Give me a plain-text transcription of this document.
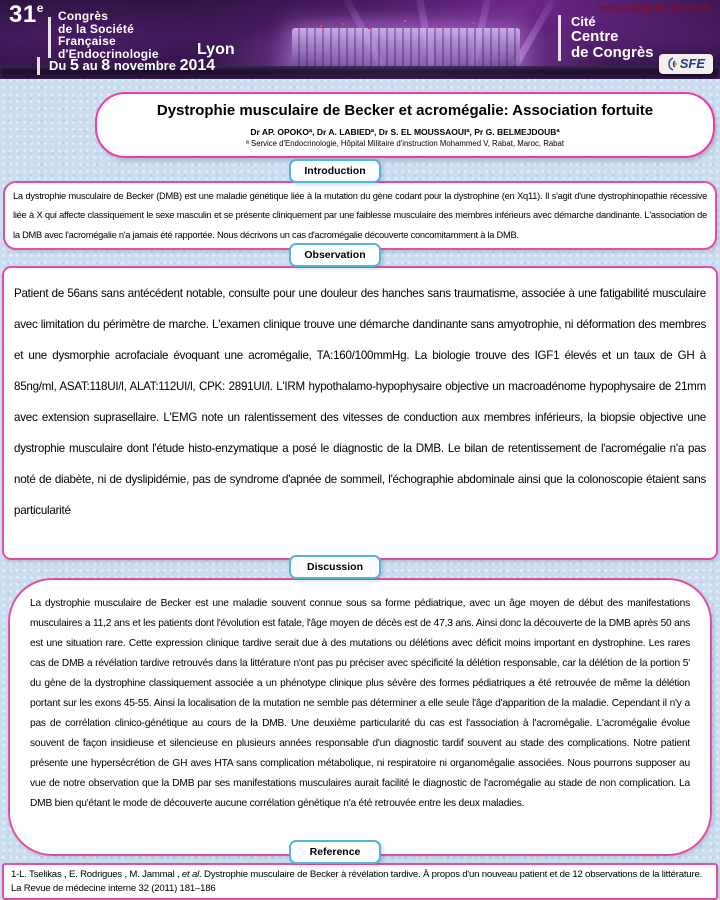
31e
Congrès
de la Société
Française
d'Endocrinologie Lyon
Du 5 au 8 novembre 2014
www.congres-sfe.com
Cité
Centre
de Congrès
SFE
Dystrophie musculaire de Becker et acromégalie: Association fortuite
Dr AP. OPOKOª, Dr A. LABIEDª, Dr S. EL MOUSSAOUIª, Pr G. BELMEJDOUBª
ª Service d'Endocrinologie, Hôpital Militaire d'instruction Mohammed V, Rabat, Maroc, Rabat
Introduction
La dystrophie musculaire de Becker (DMB) est une maladie génétique liée à la mutation du gène codant pour la dystrophine (en Xq11). Il s'agit d'une dystrophinopathie récessive liée à X qui affecte classiquement le sexe masculin et se présente cliniquement par une faiblesse musculaire des membres inférieurs avec démarche dandinante. L'association de la DMB avec l'acromégalie n'a jamais été rapportée. Nous décrivons un cas d'acromégalie découverte concomitamment à la DMB.
Observation
Patient de 56ans sans antécédent notable, consulte pour une douleur des hanches sans traumatisme, associée à une fatigabilité musculaire avec limitation du périmètre de marche. L'examen clinique trouve une démarche dandinante sans amyotrophie, ni déformation des membres et une dysmorphie acrofaciale évoquant une acromégalie, TA:160/100mmHg. La biologie trouve des IGF1 élevés et un taux de GH à 85ng/ml, ASAT:118UI/l, ALAT:112UI/l, CPK: 2891UI/l. L'IRM hypothalamo-hypophysaire objective un macroadénome hypophysaire de 21mm avec extension suprasellaire. L'EMG note un ralentissement des vitesses de conduction aux membres inférieurs, la biopsie objective une dystrophie musculaire dont l'étude histo-enzymatique a posé le diagnostic de la DMB. Le bilan de retentissement de l'acromégalie n'a pas noté de diabète, ni de dyslipidémie, pas de syndrome d'apnée de sommeil, l'échographie abdominale ainsi que la colonoscopie étaient sans particularité
Discussion
La dystrophie musculaire de Becker est une maladie souvent connue sous sa forme pédiatrique, avec un âge moyen de début des manifestations musculaires a 11,2 ans et les patients dont l'évolution est fatale, l'âge moyen de décès est de 47,3 ans. Ainsi donc la découverte de la DMB après 50 ans est une situation rare. Cette expression clinique tardive serait due à des mutations ou délétions avec déficit moins important en dystrophine. Les rares cas de DMB a révélation tardive retrouvés dans la littérature n'ont pas pu préciser avec spécificité la délétion responsable, car la délétion de la portion 5' du gène de la dystrophine classiquement associée a un phénotype clinique plus sévère des formes pédiatriques a été retrouvée de même la délétion portant sur les exons 45-55. Ainsi la localisation de la mutation ne semble pas déterminer a elle seule l'âge d'apparition de la maladie. Cependant il n'y a pas de corrélation clinico-génétique au cours de la DMB. Une deuxième particularité du cas est l'association à l'acromégalie. L'acromégalie évolue souvent de façon insidieuse et silencieuse en plusieurs années responsable d'un diagnostic tardif souvent au stade des complications. Notre patient présente une hypersécrétion de GH aves HTA sans complication métabolique, ni respiratoire ni organomégalie associées. Nous pourrons supposer au vue de notre observation que la DMB par ses manifestations musculaires aurait facilité le diagnostic de l'acromégalie au stade de non complication. La DMB bien qu'étant le mode de découverte aucune corrélation génétique n'a été retrouvée entre les deux maladies.
Reference
1-L. Tselikas , E. Rodrigues , M. Jammal , et al. Dystrophie musculaire de Becker à révélation tardive. À propos d'un nouveau patient et de 12 observations de la littérature. La Revue de médecine interne 32 (2011) 181–186
